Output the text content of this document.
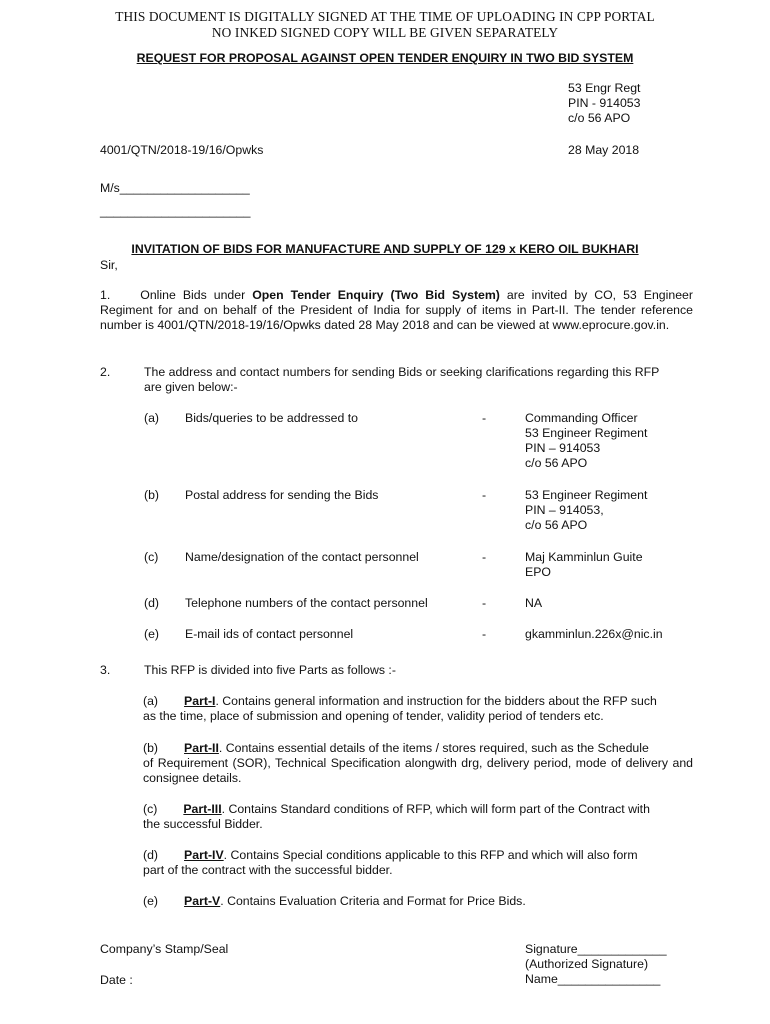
THIS DOCUMENT IS DIGITALLY SIGNED AT THE TIME OF UPLOADING IN CPP PORTAL
NO INKED SIGNED COPY WILL BE GIVEN SEPARATELY
REQUEST FOR PROPOSAL AGAINST OPEN TENDER ENQUIRY IN TWO BID SYSTEM
53 Engr Regt
PIN - 914053
c/o 56 APO
4001/QTN/2018-19/16/Opwks	28 May 2018
M/s___________________
______________________
INVITATION OF BIDS FOR MANUFACTURE AND SUPPLY OF 129 x KERO OIL BUKHARI
Sir,
1. Online Bids under Open Tender Enquiry (Two Bid System) are invited by CO, 53 Engineer Regiment for and on behalf of the President of India for supply of items in Part-II. The tender reference number is 4001/QTN/2018-19/16/Opwks dated 28 May 2018 and can be viewed at www.eprocure.gov.in.
2.	The address and contact numbers for sending Bids or seeking clarifications regarding this RFP
are given below:-
(a) Bids/queries to be addressed to	-	Commanding Officer
53 Engineer Regiment
PIN – 914053
c/o 56 APO
(b) Postal address for sending the Bids	-	53 Engineer Regiment
PIN – 914053,
c/o 56 APO
(c) Name/designation of the contact personnel	-	Maj Kamminlun Guite
EPO
(d) Telephone numbers of the contact personnel	-	NA
(e) E-mail ids of contact personnel	-	gkamminlun.226x@nic.in
3.	This RFP is divided into five Parts as follows :-
(a) Part-I. Contains general information and instruction for the bidders about the RFP such
as the time, place of submission and opening of tender, validity period of tenders etc.
(b) Part-II. Contains essential details of the items / stores required, such as the Schedule
of Requirement (SOR), Technical Specification alongwith drg, delivery period, mode of delivery and consignee details.
(c) Part-III. Contains Standard conditions of RFP, which will form part of the Contract with
the successful Bidder.
(d) Part-IV. Contains Special conditions applicable to this RFP and which will also form
part of the contract with the successful bidder.
(e) Part-V. Contains Evaluation Criteria and Format for Price Bids.
Company’s Stamp/Seal
Date :
Signature_____________
(Authorized Signature)
Name_______________
